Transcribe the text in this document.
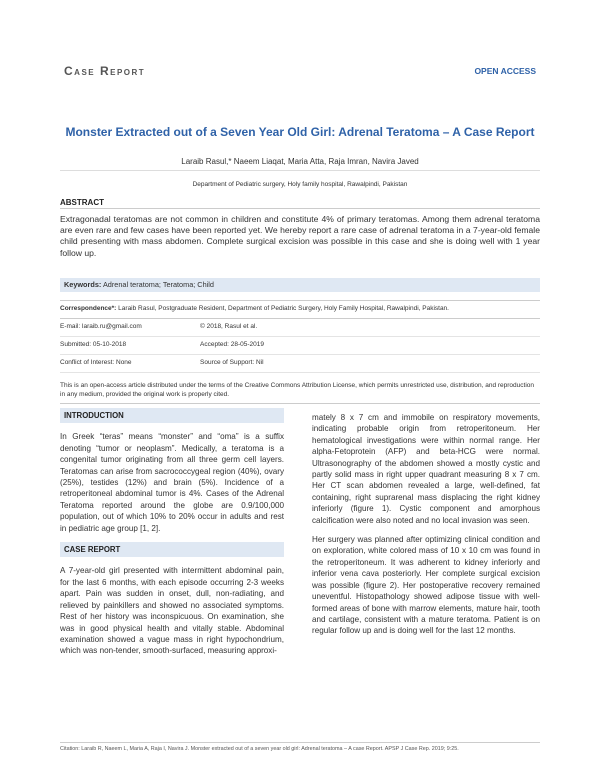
Case Report	OPEN ACCESS
Monster Extracted out of a Seven Year Old Girl: Adrenal Teratoma – A Case Report
Laraib Rasul,* Naeem Liaqat, Maria Atta, Raja Imran, Navira Javed
Department of Pediatric surgery, Holy family hospital, Rawalpindi, Pakistan
ABSTRACT
Extragonadal teratomas are not common in children and constitute 4% of primary teratomas. Among them adrenal teratoma are even rare and few cases have been reported yet. We hereby report a rare case of adrenal teratoma in a 7-year-old female child presenting with mass abdomen. Complete surgical excision was possible in this case and she is doing well with 1 year follow up.
Keywords: Adrenal teratoma; Teratoma; Child
Correspondence*: Laraib Rasul, Postgraduate Resident, Department of Pediatric Surgery, Holy Family Hospital, Rawalpindi, Pakistan.
E-mail: laraib.ru@gmail.com	© 2018, Rasul et al.
Submitted: 05-10-2018	Accepted: 28-05-2019
Conflict of Interest: None	Source of Support: Nil
This is an open-access article distributed under the terms of the Creative Commons Attribution License, which permits unrestricted use, distribution, and reproduction in any medium, provided the original work is properly cited.
INTRODUCTION

In Greek “teras” means “monster” and “oma” is a suffix denoting “tumor or neoplasm”. Medically, a teratoma is a congenital tumor originating from all three germ cell layers. Teratomas can arise from sacrococcygeal region (40%), ovary (25%), testides (12%) and brain (5%). Incidence of a retroperitoneal abdominal tumor is 4%. Cases of the Adrenal Teratoma reported around the globe are 0.9/100,000 population, out of which 10% to 20% occur in adults and rest in pediatric age group [1, 2].

CASE REPORT

A 7-year-old girl presented with intermittent abdominal pain, for the last 6 months, with each episode occurring 2-3 weeks apart. Pain was sudden in onset, dull, non-radiating, and relieved by painkillers and showed no associated symptoms. Rest of her history was inconspicuous. On examination, she was in good physical health and vitally stable. Abdominal examination showed a vague mass in right hypochondrium, which was non-tender, smooth-surfaced, measuring approxi-

mately 8 x 7 cm and immobile on respiratory movements, indicating probable origin from retroperitoneum. Her hematological investigations were within normal range. Her alpha-Fetoprotein (AFP) and beta-HCG were normal. Ultrasonography of the abdomen showed a mostly cystic and partly solid mass in right upper quadrant measuring 8 x 7 cm. Her CT scan abdomen revealed a large, well-defined, fat containing, right suprarenal mass displacing the right kidney inferiorly (figure 1). Cystic component and amorphous calcification were also noted and no local invasion was seen.

Her surgery was planned after optimizing clinical condition and on exploration, white colored mass of 10 x 10 cm was found in the retroperitoneum. It was adherent to kidney inferiorly and inferior vena cava posteriorly. Her complete surgical excision was possible (figure 2). Her postoperative recovery remained uneventful. Histopathology showed adipose tissue with well-formed areas of bone with marrow elements, mature hair, tooth and cartilage, consistent with a mature teratoma. Patient is on regular follow up and is doing well for the last 12 months.

Citation: Laraib R, Naeem L, Maria A, Raja I, Navira J. Monster extracted out of a seven year old girl: Adrenal teratoma – A case Report. APSP J Case Rep. 2019; 9:25.
